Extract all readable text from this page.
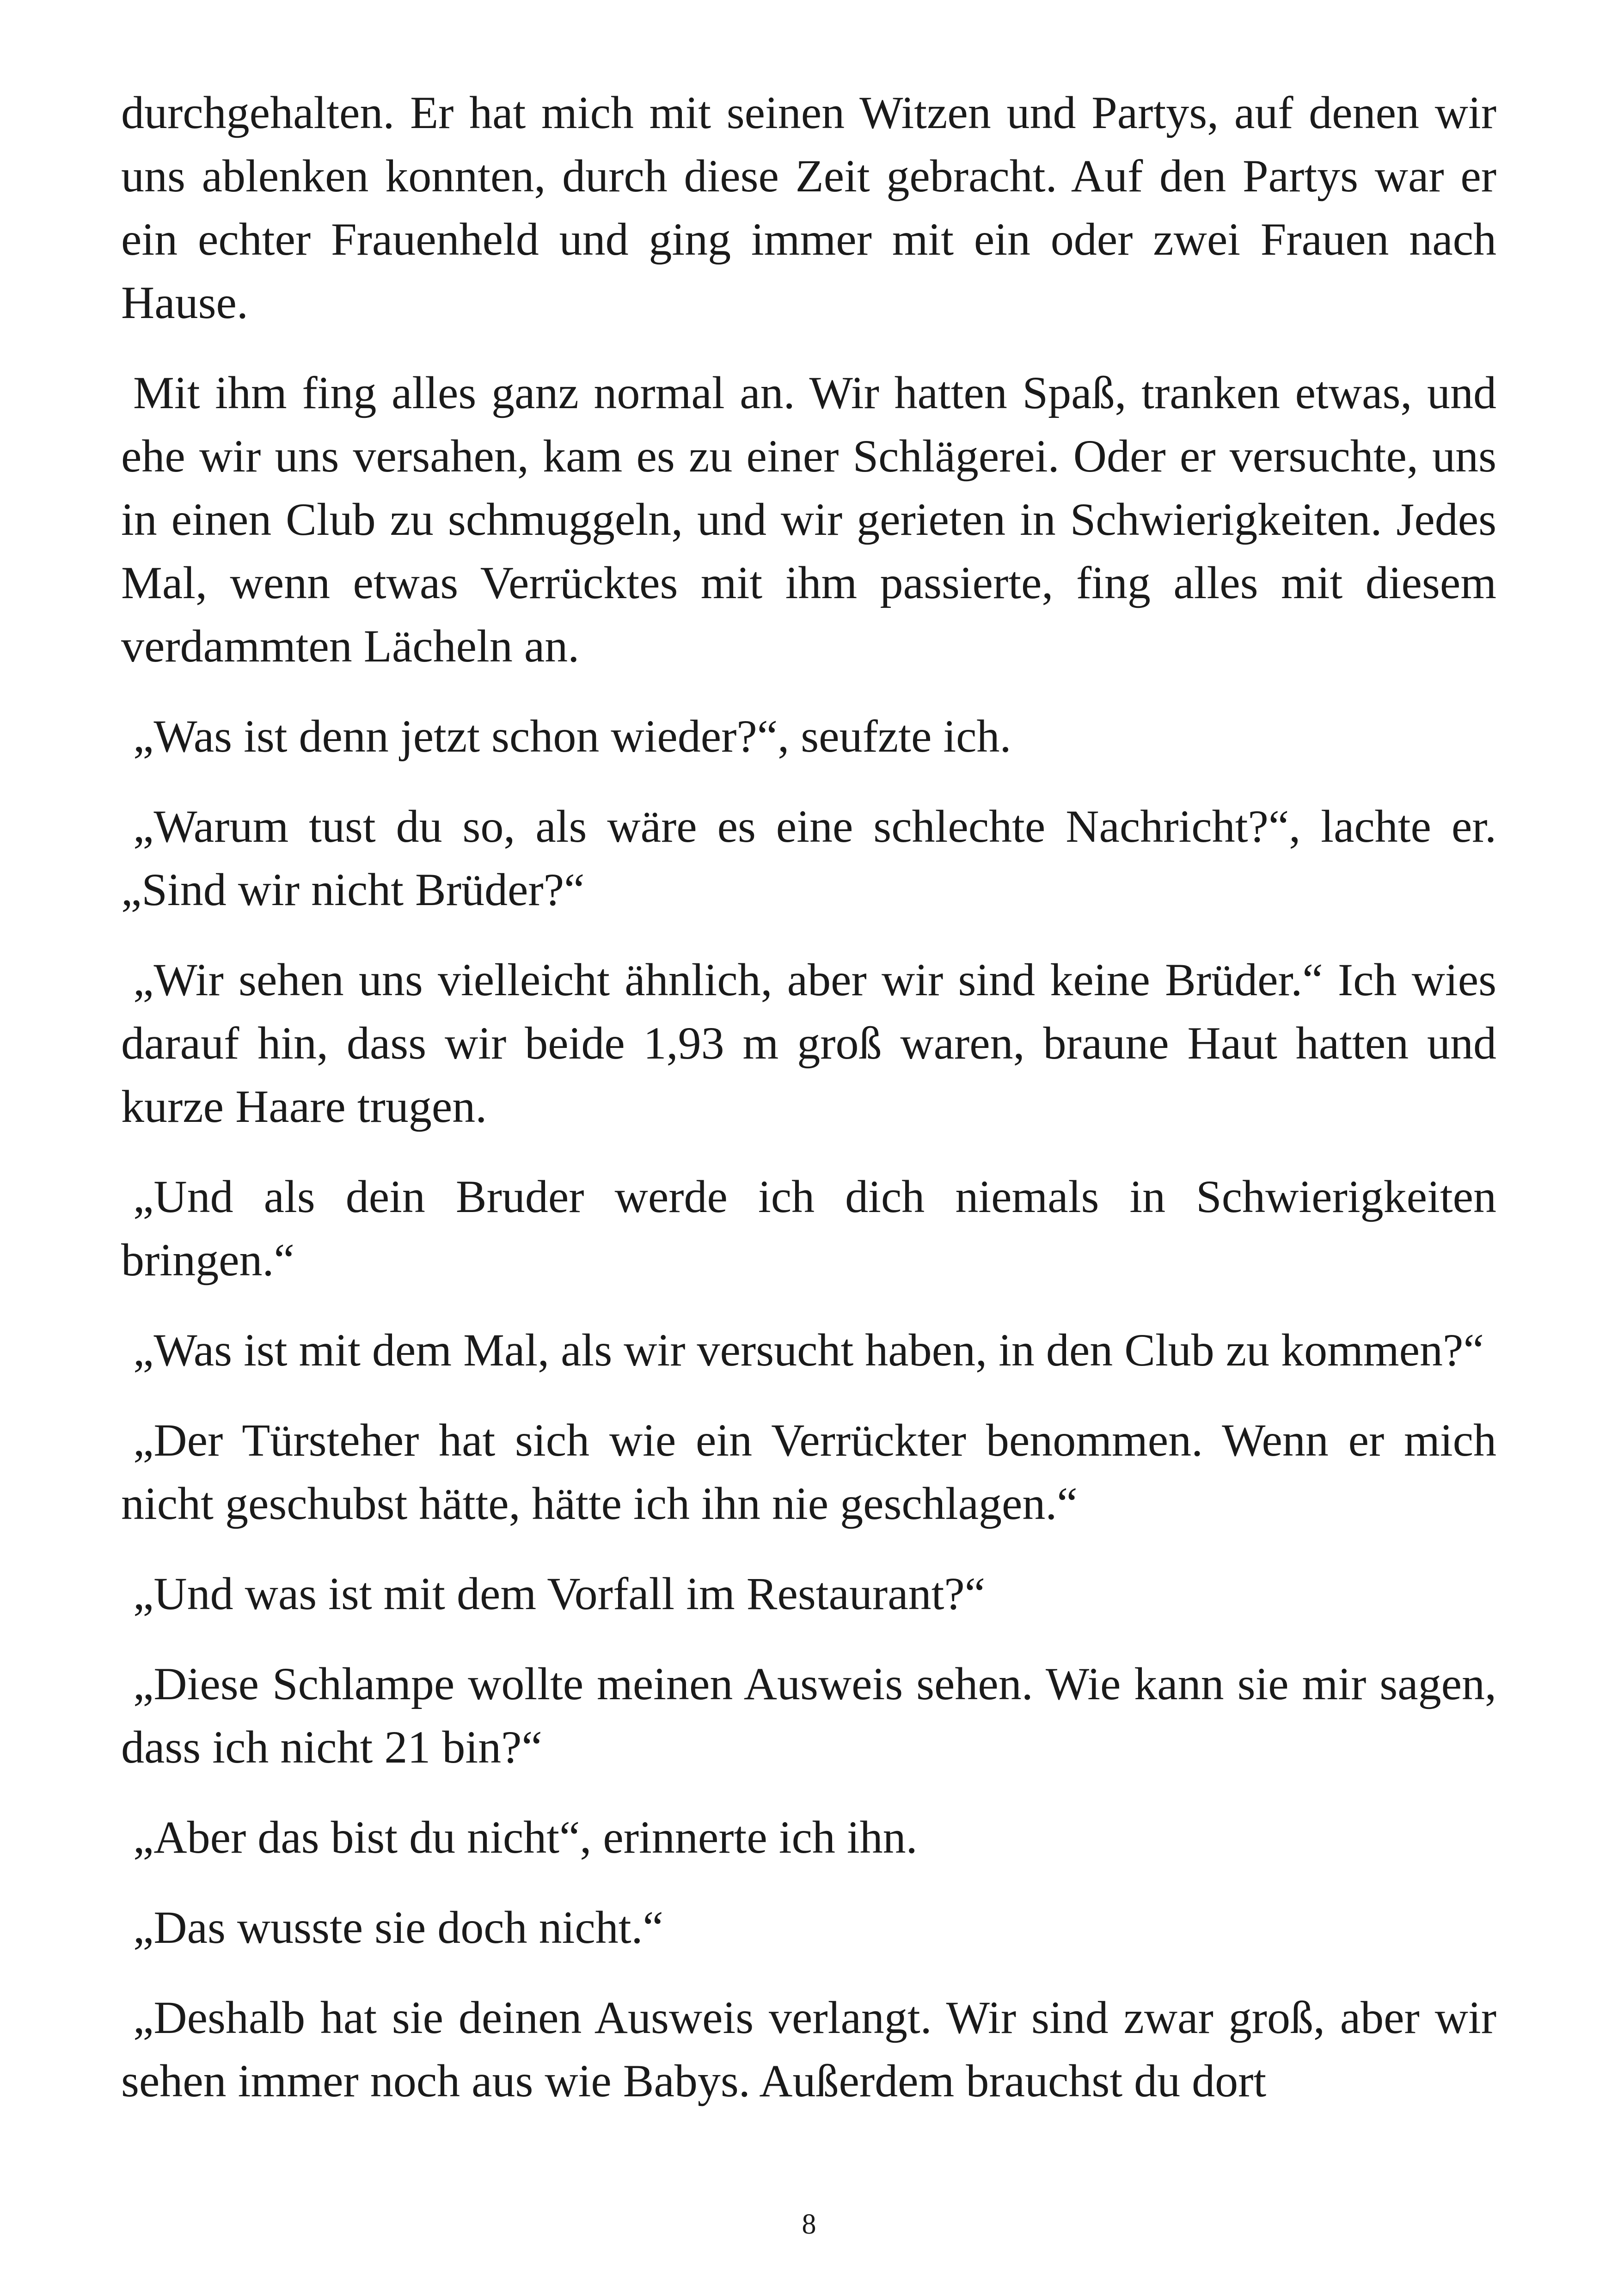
durchgehalten. Er hat mich mit seinen Witzen und Partys, auf denen wir uns ablenken konnten, durch diese Zeit gebracht. Auf den Partys war er ein echter Frauenheld und ging immer mit ein oder zwei Frauen nach Hause.

Mit ihm fing alles ganz normal an. Wir hatten Spaß, tranken etwas, und ehe wir uns versahen, kam es zu einer Schlägerei. Oder er versuchte, uns in einen Club zu schmuggeln, und wir gerieten in Schwierigkeiten. Jedes Mal, wenn etwas Verrücktes mit ihm passierte, fing alles mit diesem verdammten Lächeln an.

„Was ist denn jetzt schon wieder?“, seufzte ich.

„Warum tust du so, als wäre es eine schlechte Nachricht?“, lachte er. „Sind wir nicht Brüder?“

„Wir sehen uns vielleicht ähnlich, aber wir sind keine Brüder.“ Ich wies darauf hin, dass wir beide 1,93 m groß waren, braune Haut hatten und kurze Haare trugen.

„Und als dein Bruder werde ich dich niemals in Schwierigkeiten bringen.“

„Was ist mit dem Mal, als wir versucht haben, in den Club zu kommen?“

„Der Türsteher hat sich wie ein Verrückter benommen. Wenn er mich nicht geschubst hätte, hätte ich ihn nie geschlagen.“

„Und was ist mit dem Vorfall im Restaurant?“

„Diese Schlampe wollte meinen Ausweis sehen. Wie kann sie mir sagen, dass ich nicht 21 bin?“

„Aber das bist du nicht“, erinnerte ich ihn.

„Das wusste sie doch nicht.“

„Deshalb hat sie deinen Ausweis verlangt. Wir sind zwar groß, aber wir sehen immer noch aus wie Babys. Außerdem brauchst du dort

8
